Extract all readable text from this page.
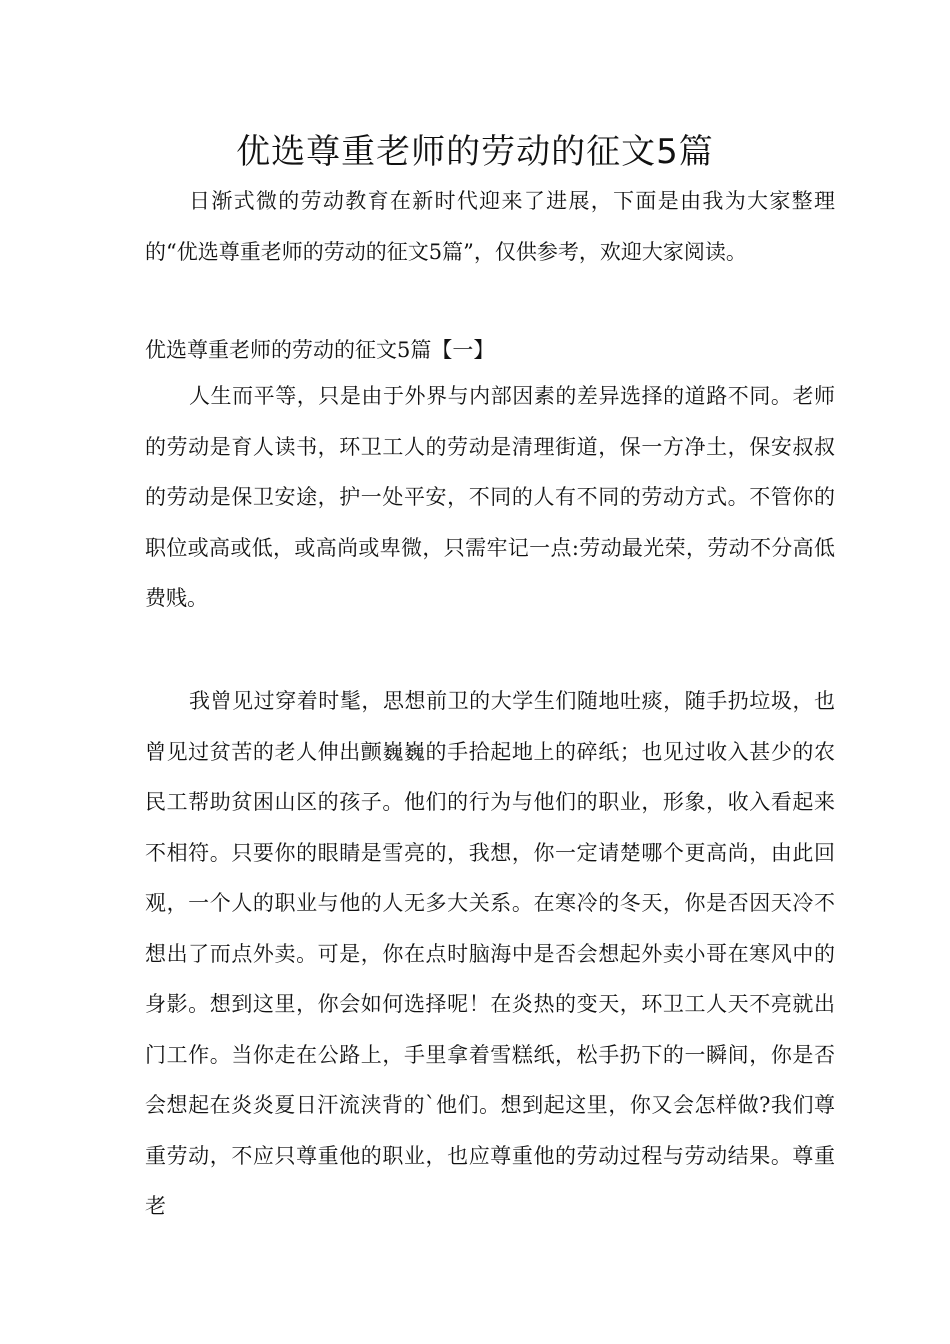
优选尊重老师的劳动的征文5篇

日渐式微的劳动教育在新时代迎来了进展，下面是由我为大家整理的“优选尊重老师的劳动的征文5篇”，仅供参考，欢迎大家阅读。

优选尊重老师的劳动的征文5篇【一】

人生而平等，只是由于外界与内部因素的差异选择的道路不同。老师的劳动是育人读书，环卫工人的劳动是清理街道，保一方净土，保安叔叔的劳动是保卫安途，护一处平安，不同的人有不同的劳动方式。不管你的职位或高或低，或高尚或卑微，只需牢记一点:劳动最光荣，劳动不分高低费贱。

我曾见过穿着时髦，思想前卫的大学生们随地吐痰，随手扔垃圾，也曾见过贫苦的老人伸出颤巍巍的手拾起地上的碎纸；也见过收入甚少的农民工帮助贫困山区的孩子。他们的行为与他们的职业，形象，收入看起来不相符。只要你的眼睛是雪亮的，我想，你一定请楚哪个更高尚，由此回观，一个人的职业与他的人无多大关系。在寒冷的冬天，你是否因天冷不想出了而点外卖。可是，你在点时脑海中是否会想起外卖小哥在寒风中的身影。想到这里，你会如何选择呢！在炎热的变天，环卫工人天不亮就出门工作。当你走在公路上，手里拿着雪糕纸，松手扔下的一瞬间，你是否会想起在炎炎夏日汗流浃背的`他们。想到起这里，你又会怎样做?我们尊重劳动，不应只尊重他的职业，也应尊重他的劳动过程与劳动结果。尊重老
